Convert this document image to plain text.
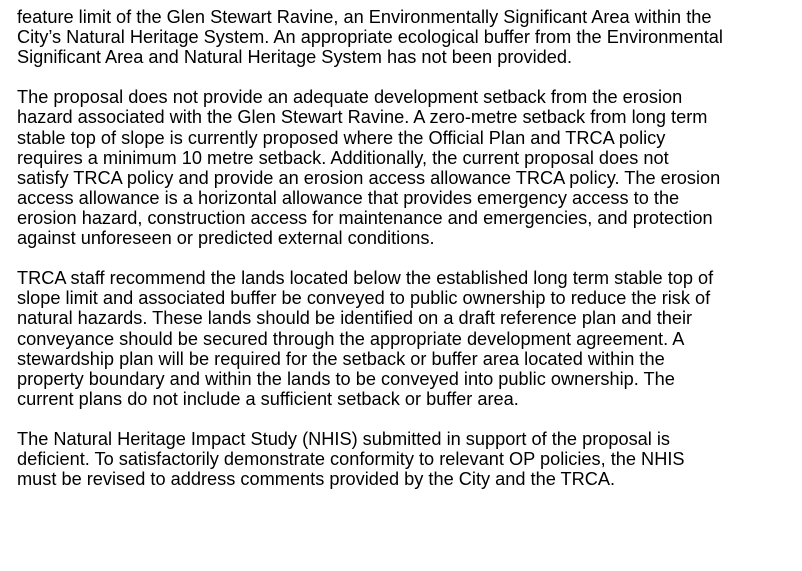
feature limit of the Glen Stewart Ravine, an Environmentally Significant Area within the
City’s Natural Heritage System. An appropriate ecological buffer from the Environmental
Significant Area and Natural Heritage System has not been provided.
The proposal does not provide an adequate development setback from the erosion
hazard associated with the Glen Stewart Ravine. A zero-metre setback from long term
stable top of slope is currently proposed where the Official Plan and TRCA policy
requires a minimum 10 metre setback. Additionally, the current proposal does not
satisfy TRCA policy and provide an erosion access allowance TRCA policy. The erosion
access allowance is a horizontal allowance that provides emergency access to the
erosion hazard, construction access for maintenance and emergencies, and protection
against unforeseen or predicted external conditions.
TRCA staff recommend the lands located below the established long term stable top of
slope limit and associated buffer be conveyed to public ownership to reduce the risk of
natural hazards. These lands should be identified on a draft reference plan and their
conveyance should be secured through the appropriate development agreement. A
stewardship plan will be required for the setback or buffer area located within the
property boundary and within the lands to be conveyed into public ownership. The
current plans do not include a sufficient setback or buffer area.
The Natural Heritage Impact Study (NHIS) submitted in support of the proposal is
deficient. To satisfactorily demonstrate conformity to relevant OP policies, the NHIS
must be revised to address comments provided by the City and the TRCA.
